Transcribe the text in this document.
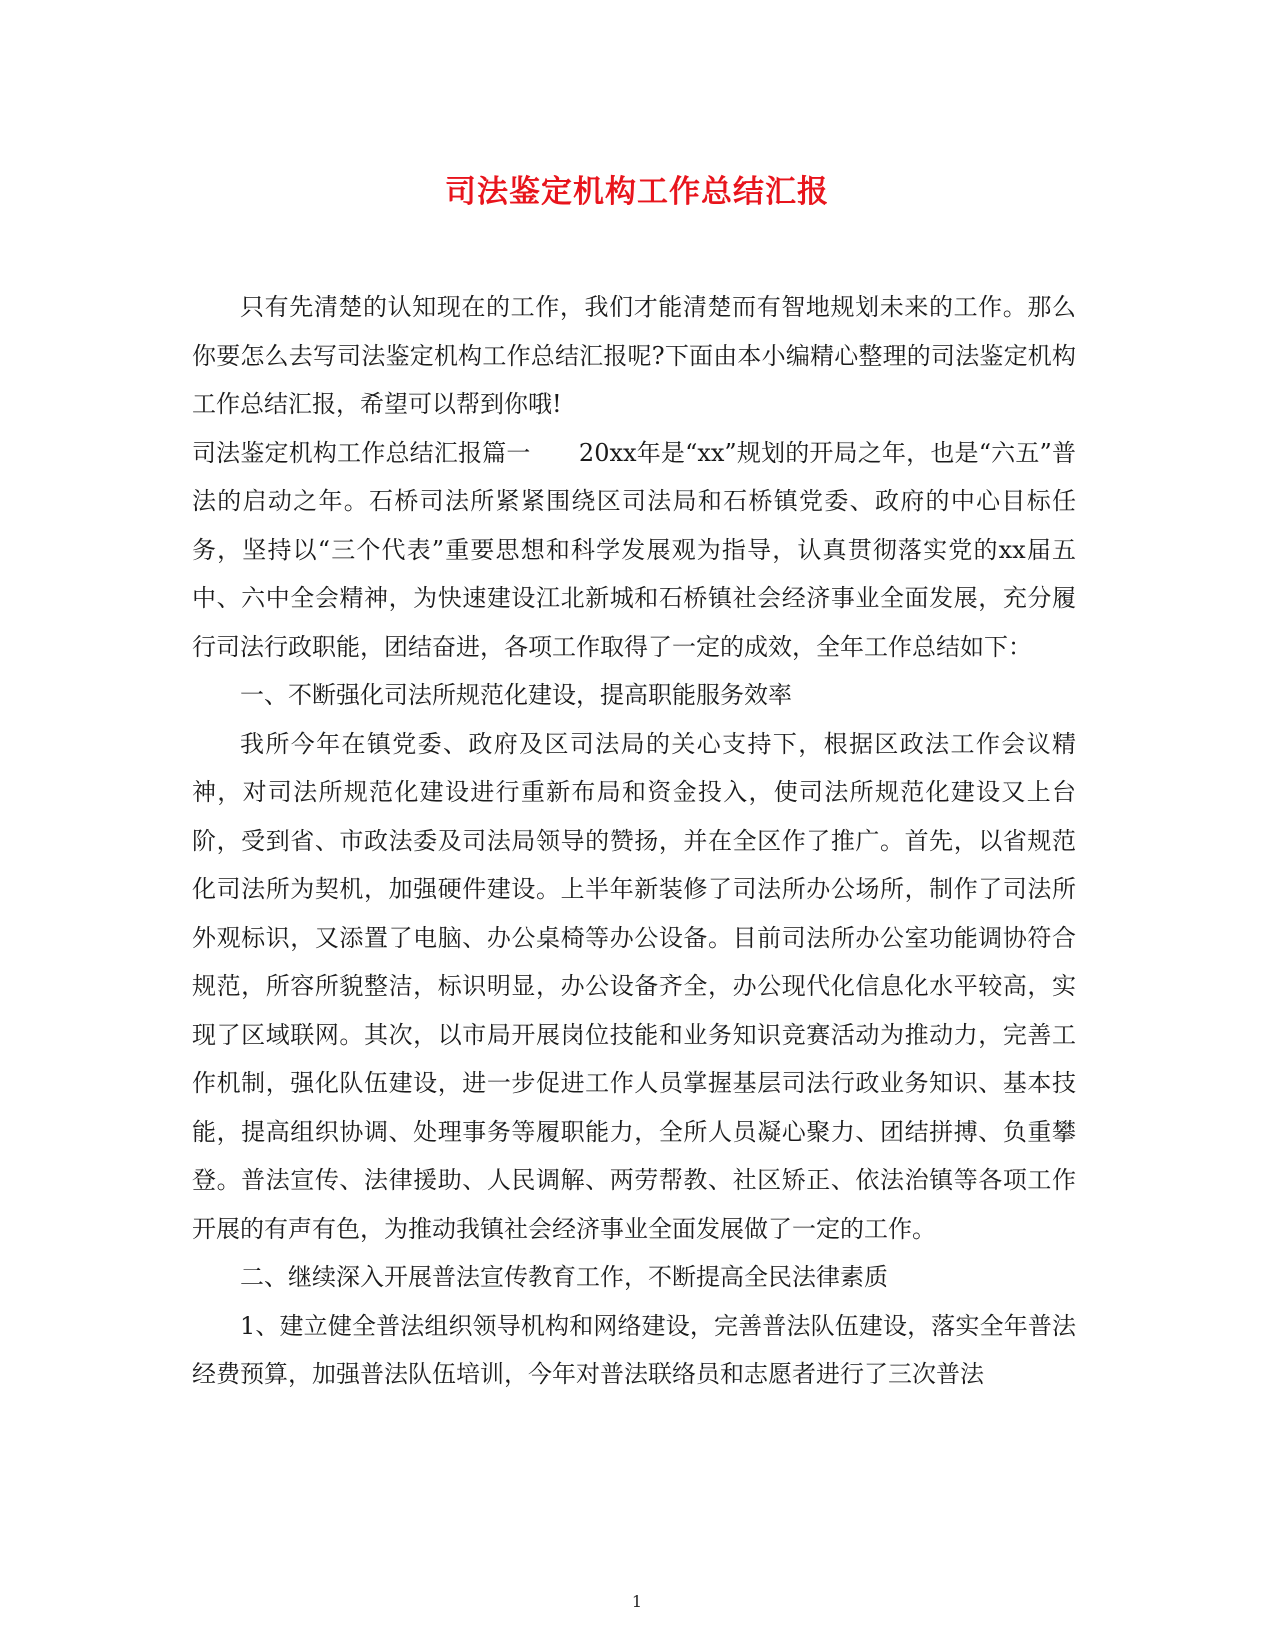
司法鉴定机构工作总结汇报

只有先清楚的认知现在的工作，我们才能清楚而有智地规划未来的工作。那么你要怎么去写司法鉴定机构工作总结汇报呢?下面由本小编精心整理的司法鉴定机构工作总结汇报，希望可以帮到你哦!

司法鉴定机构工作总结汇报篇一　　20xx年是“xx”规划的开局之年，也是“六五”普法的启动之年。石桥司法所紧紧围绕区司法局和石桥镇党委、政府的中心目标任务，坚持以“三个代表”重要思想和科学发展观为指导，认真贯彻落实党的xx届五中、六中全会精神，为快速建设江北新城和石桥镇社会经济事业全面发展，充分履行司法行政职能，团结奋进，各项工作取得了一定的成效，全年工作总结如下：

一、不断强化司法所规范化建设，提高职能服务效率

我所今年在镇党委、政府及区司法局的关心支持下，根据区政法工作会议精神，对司法所规范化建设进行重新布局和资金投入，使司法所规范化建设又上台阶，受到省、市政法委及司法局领导的赞扬，并在全区作了推广。首先，以省规范化司法所为契机，加强硬件建设。上半年新装修了司法所办公场所，制作了司法所外观标识，又添置了电脑、办公桌椅等办公设备。目前司法所办公室功能调协符合规范，所容所貌整洁，标识明显，办公设备齐全，办公现代化信息化水平较高，实现了区域联网。其次，以市局开展岗位技能和业务知识竞赛活动为推动力，完善工作机制，强化队伍建设，进一步促进工作人员掌握基层司法行政业务知识、基本技能，提高组织协调、处理事务等履职能力，全所人员凝心聚力、团结拼搏、负重攀登。普法宣传、法律援助、人民调解、两劳帮教、社区矫正、依法治镇等各项工作开展的有声有色，为推动我镇社会经济事业全面发展做了一定的工作。

二、继续深入开展普法宣传教育工作，不断提高全民法律素质

1、建立健全普法组织领导机构和网络建设，完善普法队伍建设，落实全年普法经费预算，加强普法队伍培训，今年对普法联络员和志愿者进行了三次普法

1
